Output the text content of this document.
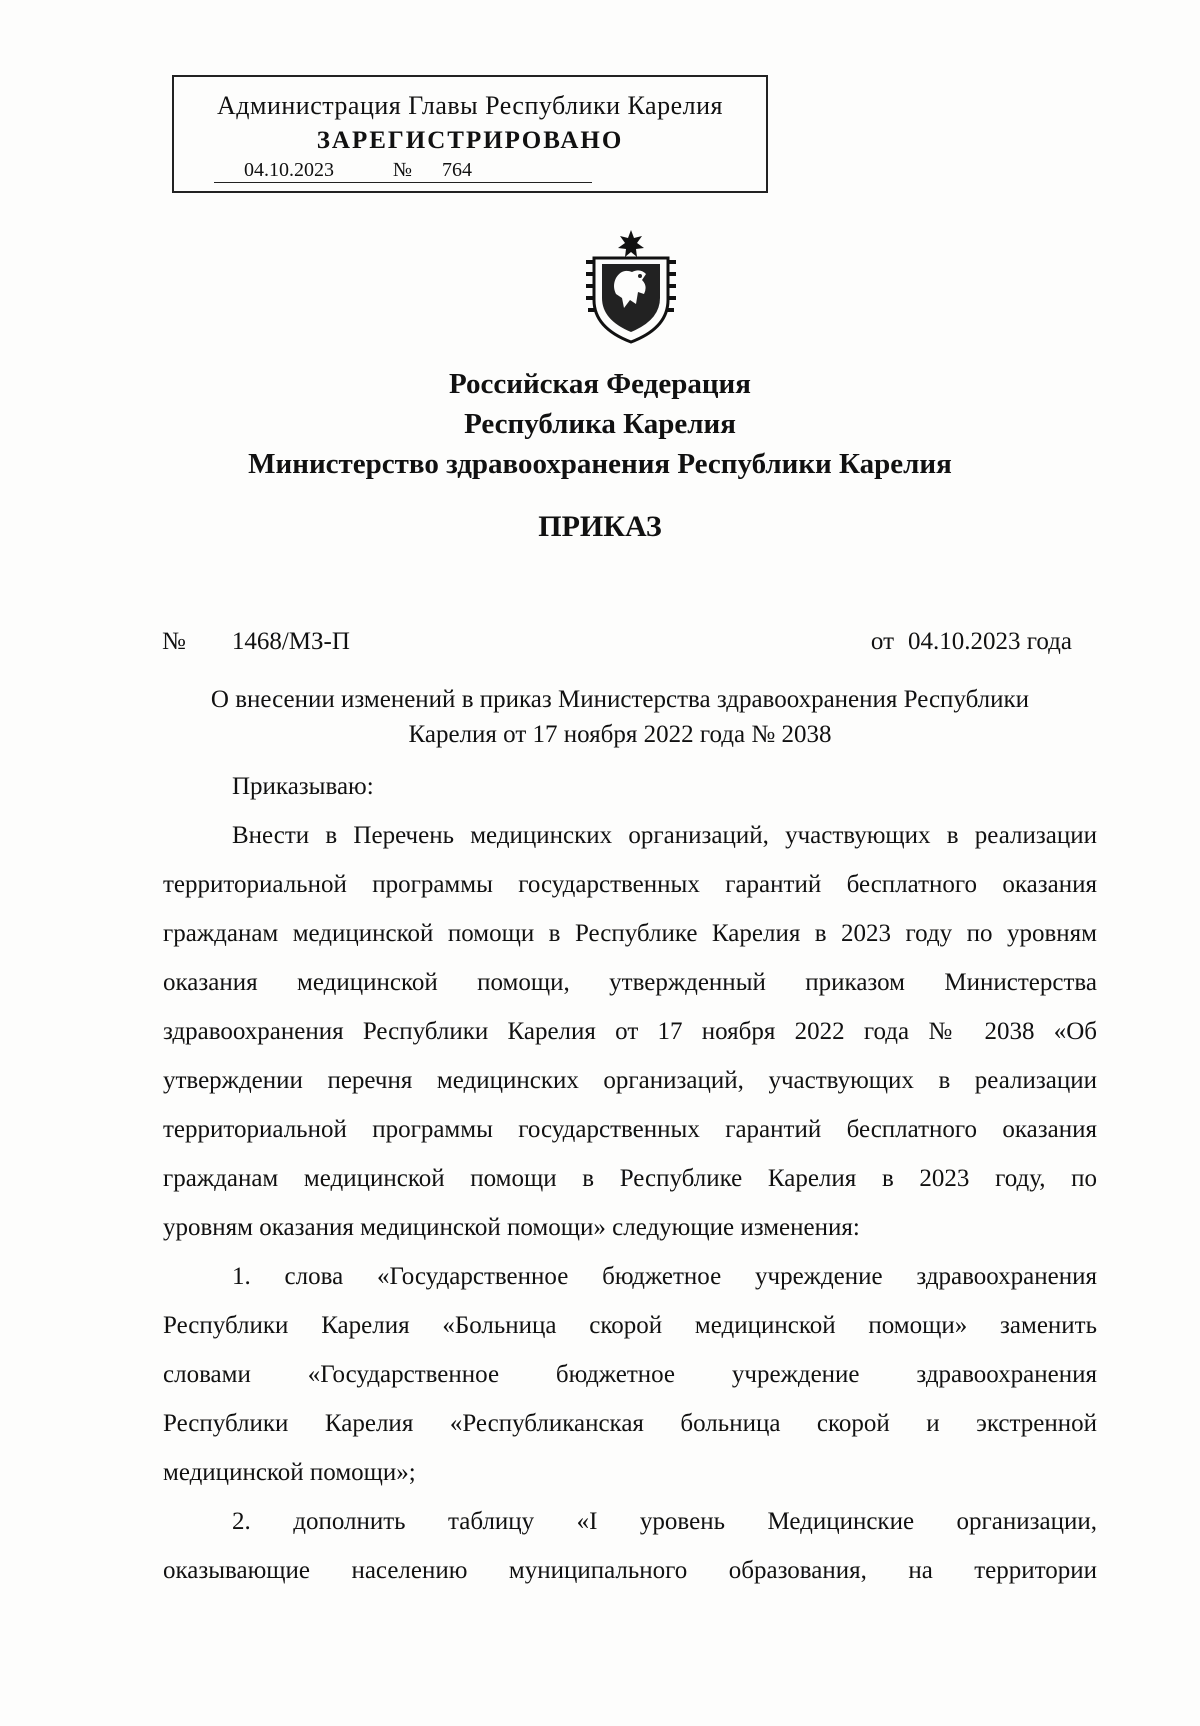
Администрация Главы Республики Карелия
ЗАРЕГИСТРИРОВАНО
04.10.2023	№ 764
Российская Федерация
Республика Карелия
Министерство здравоохранения Республики Карелия
ПРИКАЗ
№ 1468/МЗ-П	от 04.10.2023 года
О внесении изменений в приказ Министерства здравоохранения Республики
Карелия от 17 ноября 2022 года № 2038
Приказываю:
Внести в Перечень медицинских организаций, участвующих в реализации
территориальной программы государственных гарантий бесплатного оказания
гражданам медицинской помощи в Республике Карелия в 2023 году по уровням
оказания медицинской помощи, утвержденный приказом Министерства
здравоохранения Республики Карелия от 17 ноября 2022 года № 2038 «Об
утверждении перечня медицинских организаций, участвующих в реализации
территориальной программы государственных гарантий бесплатного оказания
гражданам медицинской помощи в Республике Карелия в 2023 году, по
уровням оказания медицинской помощи» следующие изменения:
1. слова «Государственное бюджетное учреждение здравоохранения
Республики Карелия «Больница скорой медицинской помощи» заменить
словами «Государственное бюджетное учреждение здравоохранения
Республики Карелия «Республиканская больница скорой и экстренной
медицинской помощи»;
2. дополнить таблицу «I уровень Медицинские организации,
оказывающие населению муниципального образования, на территории
